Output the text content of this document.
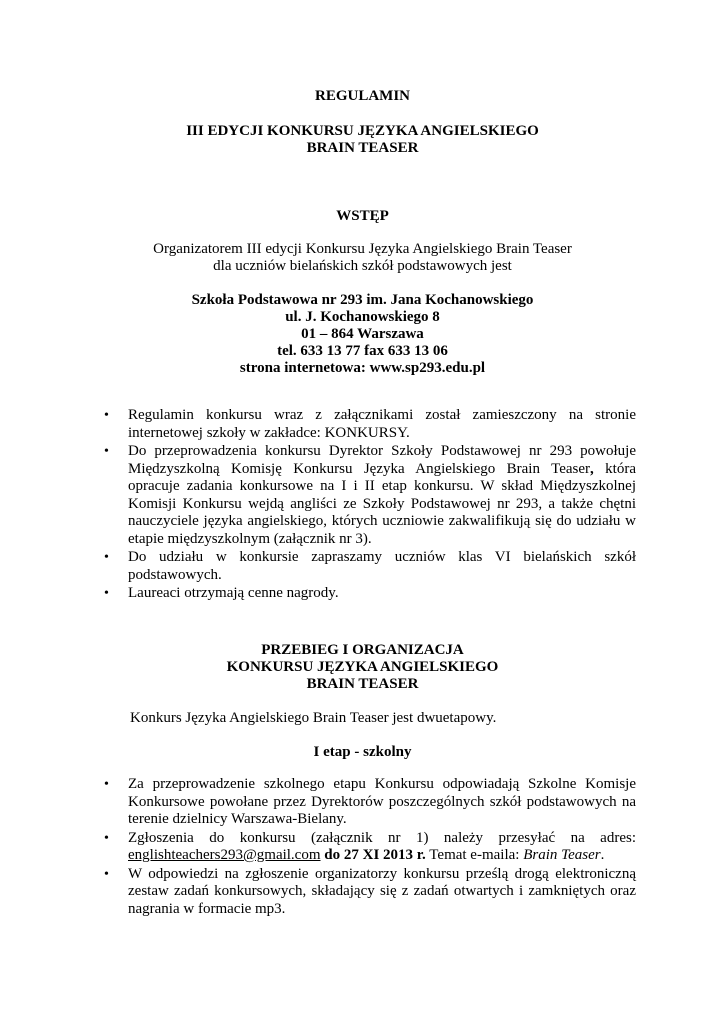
REGULAMIN
III EDYCJI KONKURSU JĘZYKA ANGIELSKIEGO
BRAIN TEASER
WSTĘP
Organizatorem III edycji Konkursu Języka Angielskiego Brain Teaser
dla uczniów bielańskich szkół podstawowych jest
Szkoła Podstawowa nr 293 im. Jana Kochanowskiego
ul. J. Kochanowskiego 8
01 – 864 Warszawa
tel. 633 13 77 fax 633 13 06
strona internetowa: www.sp293.edu.pl
• Regulamin konkursu wraz z załącznikami został zamieszczony na stronie internetowej szkoły w zakładce: KONKURSY.
• Do przeprowadzenia konkursu Dyrektor Szkoły Podstawowej nr 293 powołuje Międzyszkolną Komisję Konkursu Języka Angielskiego Brain Teaser, która opracuje zadania konkursowe na I i II etap konkursu. W skład Międzyszkolnej Komisji Konkursu wejdą angliści ze Szkoły Podstawowej nr 293, a także chętni nauczyciele języka angielskiego, których uczniowie zakwalifikują się do udziału w etapie międzyszkolnym (załącznik nr 3).
• Do udziału w konkursie zapraszamy uczniów klas VI bielańskich szkół podstawowych.
• Laureaci otrzymają cenne nagrody.
PRZEBIEG I ORGANIZACJA
KONKURSU JĘZYKA ANGIELSKIEGO
BRAIN TEASER
Konkurs Języka Angielskiego Brain Teaser jest dwuetapowy.
I etap - szkolny
• Za przeprowadzenie szkolnego etapu Konkursu odpowiadają Szkolne Komisje Konkursowe powołane przez Dyrektorów poszczególnych szkół podstawowych na terenie dzielnicy Warszawa-Bielany.
• Zgłoszenia do konkursu (załącznik nr 1) należy przesyłać na adres: englishteachers293@gmail.com do 27 XI 2013 r. Temat e-maila: Brain Teaser.
• W odpowiedzi na zgłoszenie organizatorzy konkursu prześlą drogą elektroniczną zestaw zadań konkursowych, składający się z zadań otwartych i zamkniętych oraz nagrania w formacie mp3.
